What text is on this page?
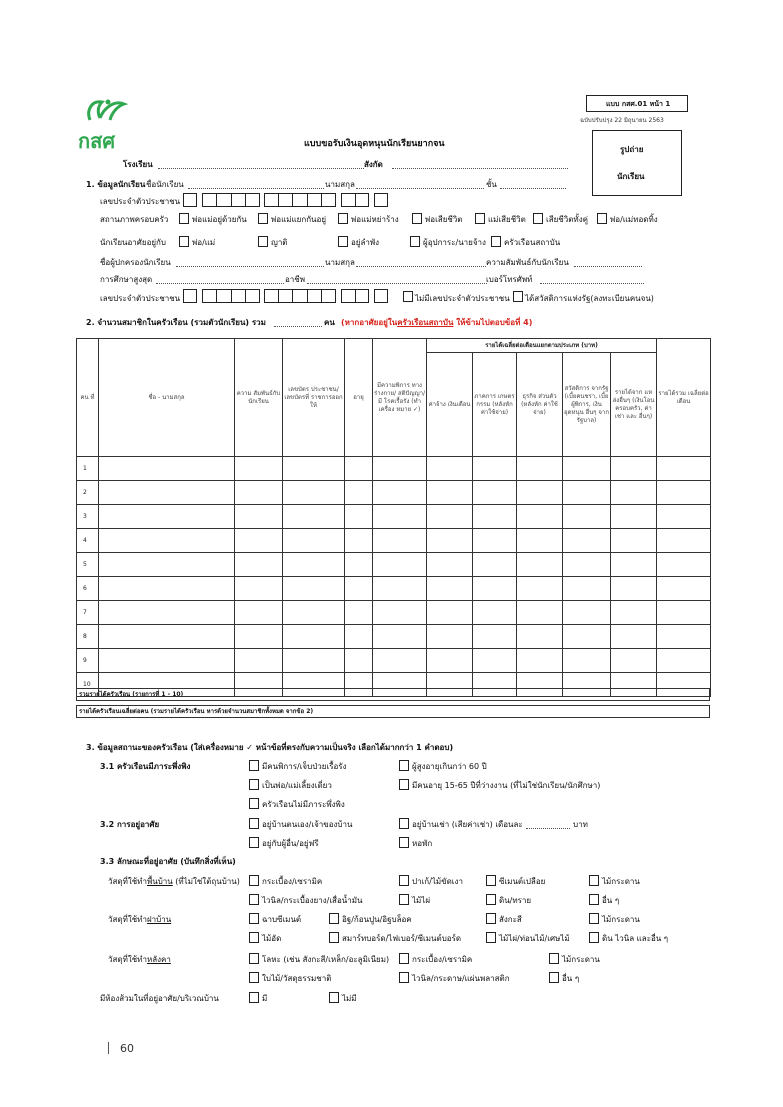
กสศ
แบบ กสศ.01 หน้า 1
ฉบับปรับปรุง 22 มิถุนายน 2563
แบบขอรับเงินอุดหนุนนักเรียนยากจน
รูปถ่าย
นักเรียน
โรงเรียน	สังกัด
1. ข้อมูลนักเรียน ชื่อนักเรียน	นามสกุล	ชั้น
เลขประจำตัวประชาชน
สถานภาพครอบครัว	พ่อแม่อยู่ด้วยกัน	พ่อแม่แยกกันอยู่	พ่อแม่หย่าร้าง	พ่อเสียชีวิต	แม่เสียชีวิต	เสียชีวิตทั้งคู่	พ่อ/แม่ทอดทิ้ง
นักเรียนอาศัยอยู่กับ	พ่อ/แม่	ญาติ	อยู่ลำพัง	ผู้อุปการะ/นายจ้าง ครัวเรือนสถาบัน
ชื่อผู้ปกครองนักเรียน	นามสกุล	ความสัมพันธ์กับนักเรียน
การศึกษาสูงสุด	อาชีพ	เบอร์โทรศัพท์
เลขประจำตัวประชาชน	ไม่มีเลขประจำตัวประชาชน ได้สวัสดิการแห่งรัฐ(ลงทะเบียนคนจน)
2. จำนวนสมาชิกในครัวเรือน (รวมตัวนักเรียน) รวม	คน (หากอาศัยอยู่ในครัวเรือนสถาบัน ให้ข้ามไปตอบข้อที่ 4)
คน ที่	ชื่อ - นามสกุล	ความ สัมพันธ์กับ นักเรียน	เลขบัตร ประชาชน/ เลขบัตรที่ ราชการออกให้	อายุ	มีความพิการ ทางร่างกาย/ สติปัญญา/มี โรคเรื้อรัง (ทำเครื่อง หมาย ✓)	รายได้เฉลี่ยต่อเดือนแยกตามประเภท (บาท)					รายได้รวม เฉลี่ยต่อเดือน
						ค่าจ้าง เงินเดือน	ภาคการ เกษตร กรรม (หลังหัก ค่าใช้จ่าย)	ธุรกิจ ส่วนตัว (หลังหัก ค่าใช้จ่าย)	สวัสดิการ จากรัฐ (เบี้ยคนชรา, เบี้ยผู้พิการ, เงินอุดหนุน อื่นๆ จาก รัฐบาล)	รายได้จาก แหล่งอื่นๆ (เงินโอน ครอบครัว, ค่าเช่า และ อื่นๆ)	
1											
2											
3											
4											
5											
6											
7											
8											
9											
10											
รวมรายได้ครัวเรือน (รายการที่ 1 - 10)
รายได้ครัวเรือนเฉลี่ยต่อคน (รวมรายได้ครัวเรือน หารด้วยจำนวนสมาชิกทั้งหมด จากข้อ 2)
3. ข้อมูลสถานะของครัวเรือน (ใส่เครื่องหมาย ✓ หน้าข้อที่ตรงกับความเป็นจริง เลือกได้มากกว่า 1 คำตอบ)
3.1 ครัวเรือนมีภาระพึ่งพิง	มีคนพิการ/เจ็บป่วยเรื้อรัง	ผู้สูงอายุเกินกว่า 60 ปี
เป็นพ่อ/แม่เลี้ยงเดี่ยว	มีคนอายุ 15-65 ปีที่ว่างงาน (ที่ไม่ใช่นักเรียน/นักศึกษา)
ครัวเรือนไม่มีภาระพึ่งพิง
3.2 การอยู่อาศัย	อยู่บ้านตนเอง/เจ้าของบ้าน	อยู่บ้านเช่า (เสียค่าเช่า) เดือนละ	บาท
อยู่กับผู้อื่น/อยู่ฟรี	หอพัก
3.3 ลักษณะที่อยู่อาศัย (บันทึกสิ่งที่เห็น)
วัสดุที่ใช้ทำพื้นบ้าน (ที่ไม่ใช่ใต้ถุนบ้าน)	กระเบื้อง/เซรามิค	ปาเก้/ไม้ขัดเงา	ซีเมนต์เปลือย	ไม้กระดาน
ไวนิล/กระเบื้องยาง/เสื่อน้ำมัน	ไม้ไผ่	ดิน/ทราย	อื่น ๆ
วัสดุที่ใช้ทำฝาบ้าน	ฉาบซีเมนต์	อิฐ/ก้อนปูน/อิฐบล็อค	สังกะสี	ไม้กระดาน
ไม้อัด	สมาร์ทบอร์ด/ไฟเบอร์/ซีเมนต์บอร์ด	ไม้ไผ่/ท่อนไม้/เศษไม้	ดิน ไวนิล และอื่น ๆ
วัสดุที่ใช้ทำหลังคา	โลหะ (เช่น สังกะสี/เหล็ก/อะลูมิเนียม)	กระเบื้อง/เซรามิค	ไม้กระดาน
ใบไม้/วัสดุธรรมชาติ	ไวนิล/กระดาษ/แผ่นพลาสติก	อื่น ๆ
มีห้องส้วมในที่อยู่อาศัย/บริเวณบ้าน	มี	ไม่มี
60
